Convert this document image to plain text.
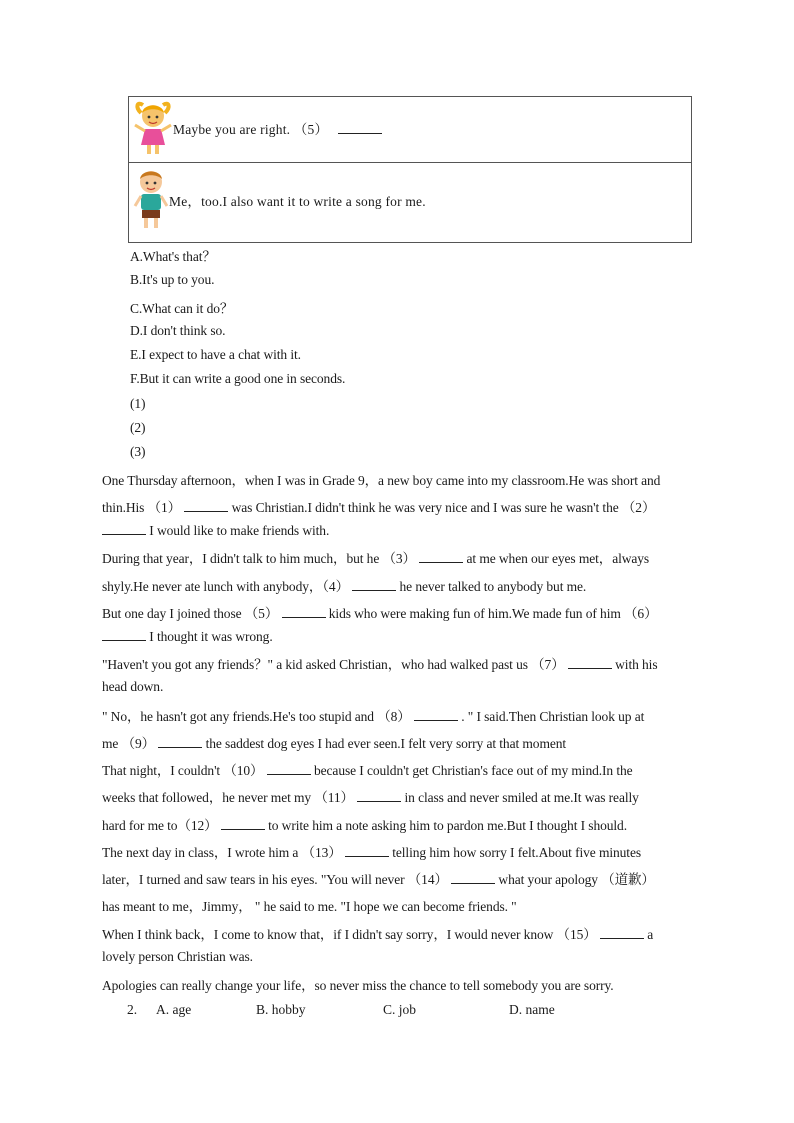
Maybe you are right. （5）
Me，too.I also want it to write a song for me.
A.What's that？
B.It's up to you.
C.What can it do？
D.I don't think so.
E.I expect to have a chat with it.
F.But it can write a good one in seconds.
(1)
(2)
(3)
One Thursday afternoon，when I was in Grade 9，a new boy came into my classroom.He was short and
thin.His （1）	was Christian.I didn't think he was very nice and I was sure he wasn't the （2）
I would like to make friends with.
During that year，I didn't talk to him much，but he （3）	at me when our eyes met，always
shyly.He never ate lunch with anybody，（4）	he never talked to anybody but me.
But one day I joined those （5）	kids who were making fun of him.We made fun of him （6）
I thought it was wrong.
"Haven't you got any friends？" a kid asked Christian，who had walked past us （7）	with his
head down.
" No，he hasn't got any friends.He's too stupid and （8）	. " I said.Then Christian look up at
me （9）	the saddest dog eyes I had ever seen.I felt very sorry at that moment
That night，I couldn't （10）	because I couldn't get Christian's face out of my mind.In the
weeks that followed，he never met my （11）	in class and never smiled at me.It was really
hard for me to（12）	to write him a note asking him to pardon me.But I thought I should.
The next day in class，I wrote him a （13）	telling him how sorry I felt.About five minutes
later，I turned and saw tears in his eyes. "You will never （14）	what your apology （道歉）
has meant to me，Jimmy， " he said to me. "I hope we can become friends. "
When I think back，I come to know that，if I didn't say sorry，I would never know （15）	a
lovely person Christian was.
Apologies can really change your life，so never miss the chance to tell somebody you are sorry.
2. A. age	B. hobby	C. job	D. name
